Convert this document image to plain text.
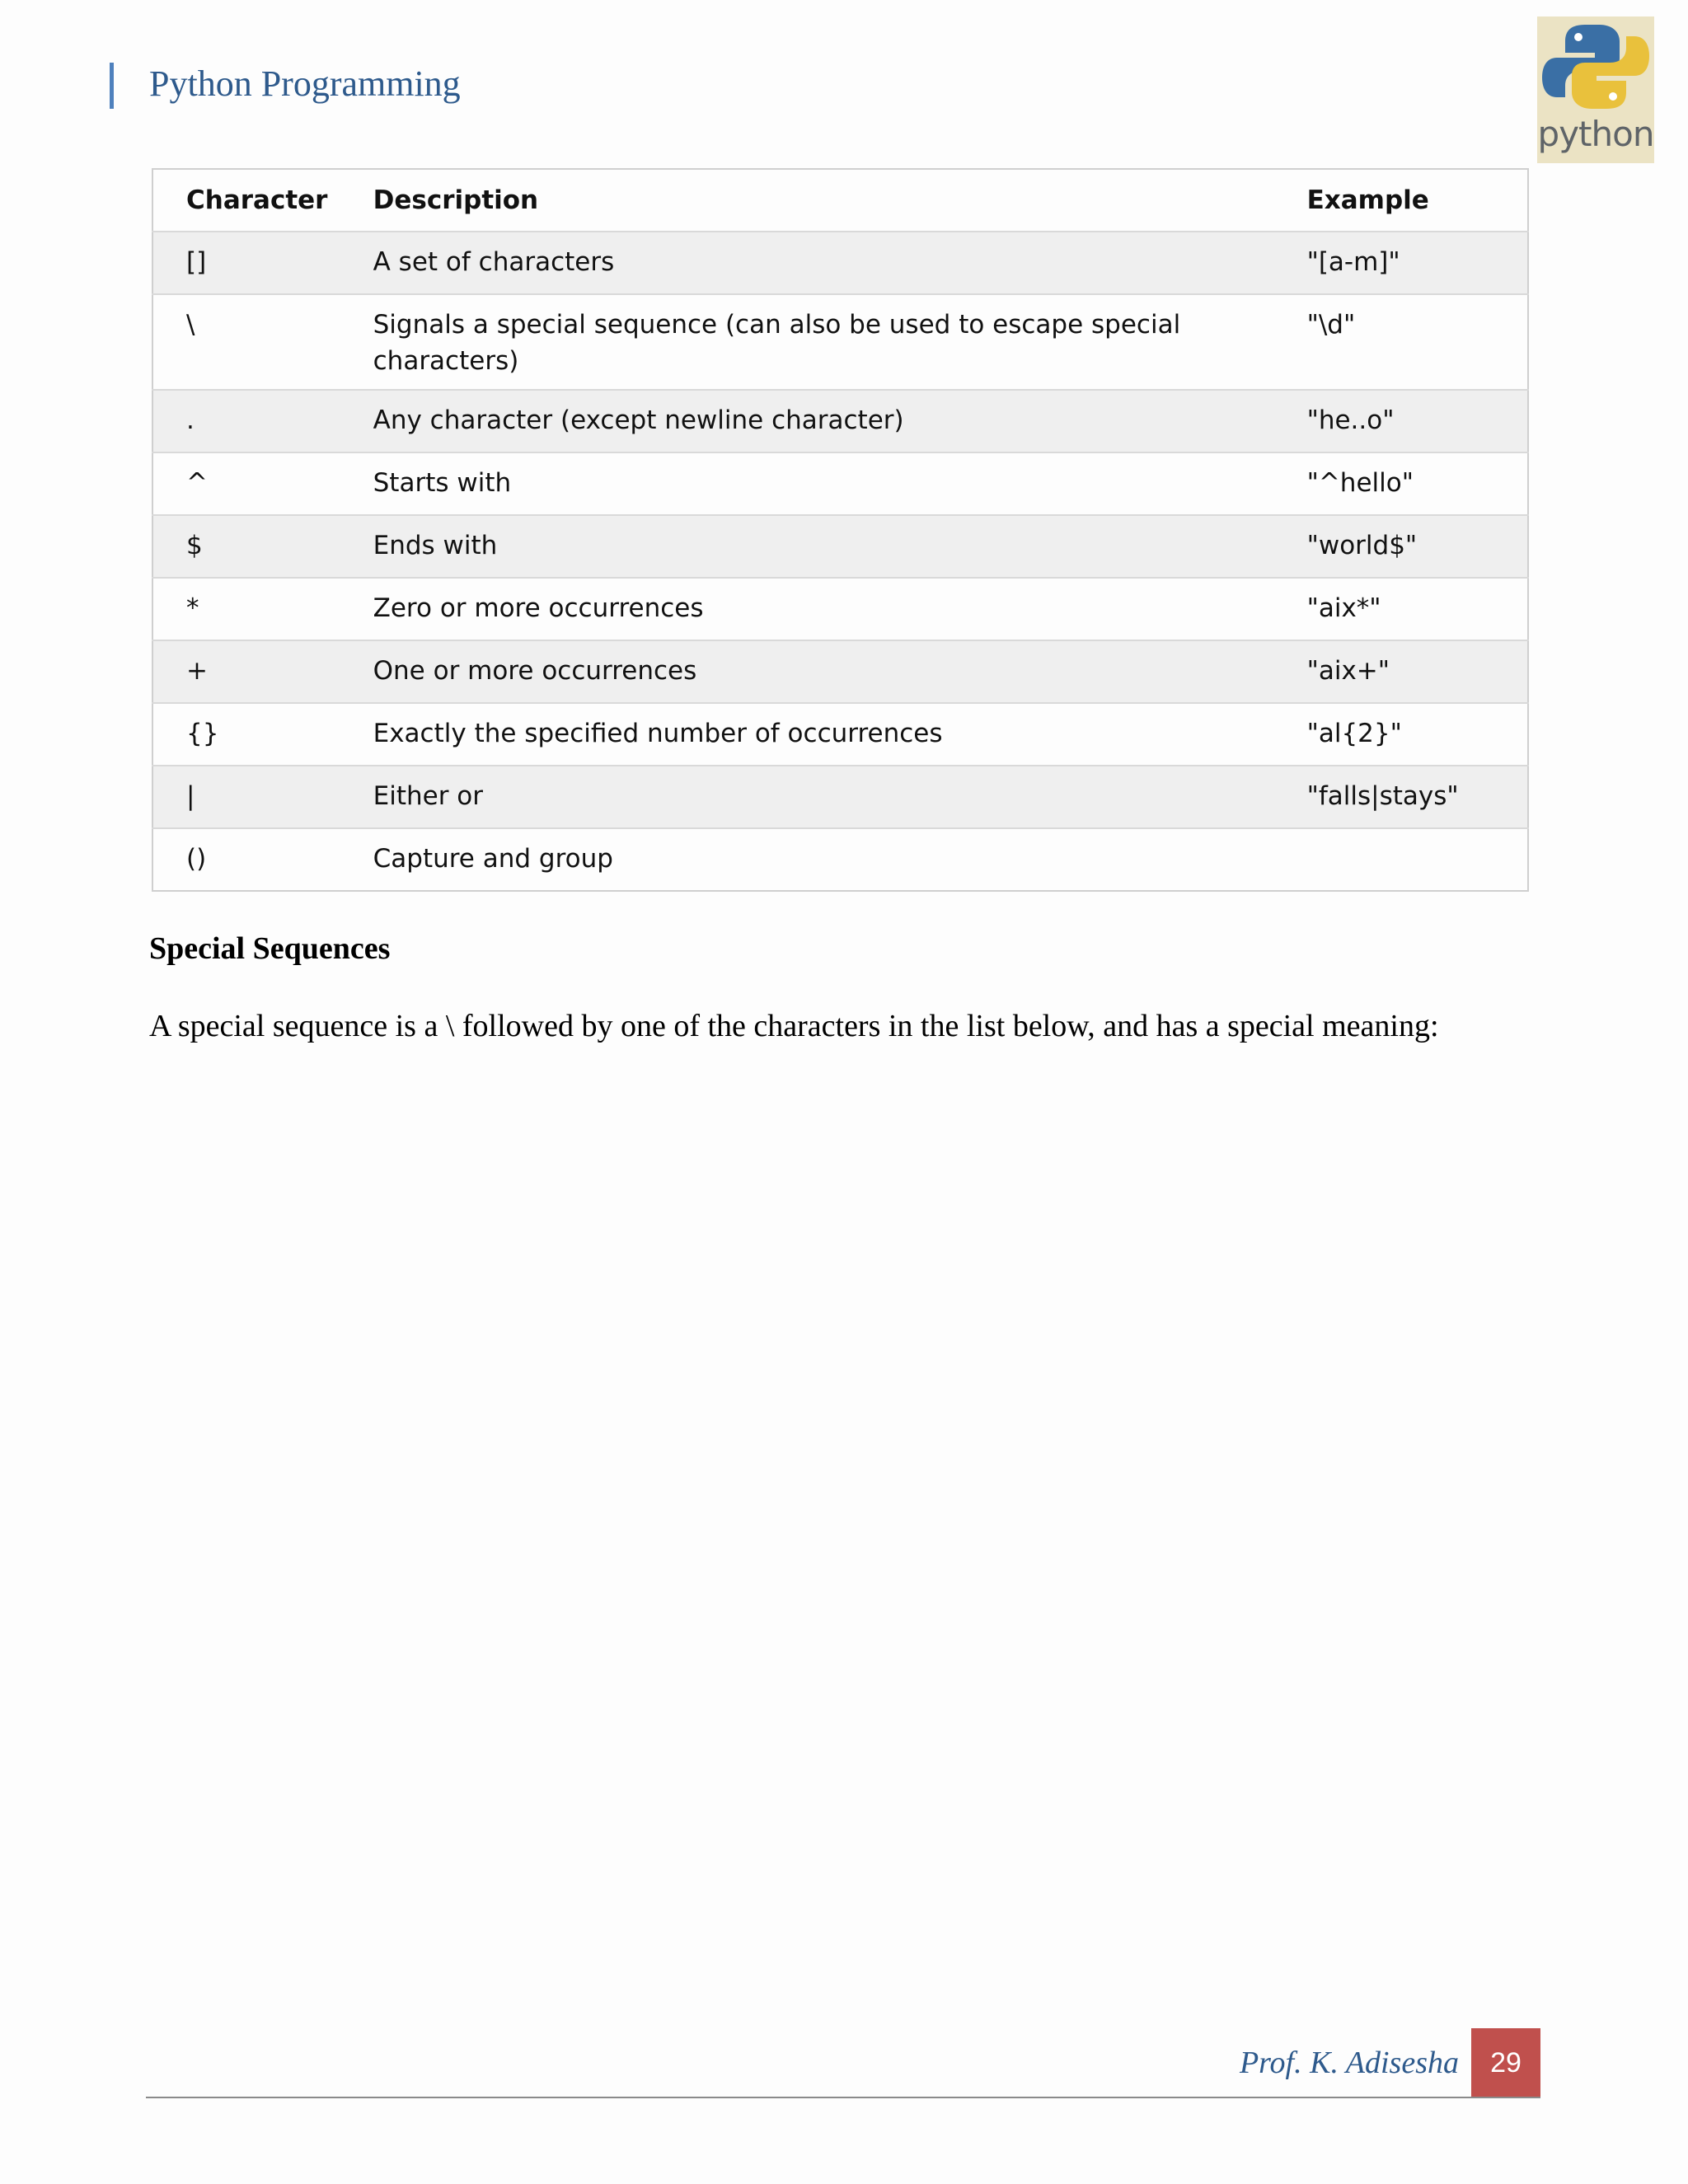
Python Programming
python
Character	Description	Example

[]	A set of characters	"[a-m]"

\	Signals a special sequence (can also be used to escape special characters)	"\d"

.	Any character (except newline character)	"he..o"

^	Starts with	"^hello"

$	Ends with	"world$"

*	Zero or more occurrences	"aix*"

+	One or more occurrences	"aix+"

{}	Exactly the specified number of occurrences	"al{2}"

|	Either or	"falls|stays"

()	Capture and group	

Special Sequences
A special sequence is a \ followed by one of the characters in the list below, and has a special meaning:
Prof. K. Adisesha	29
